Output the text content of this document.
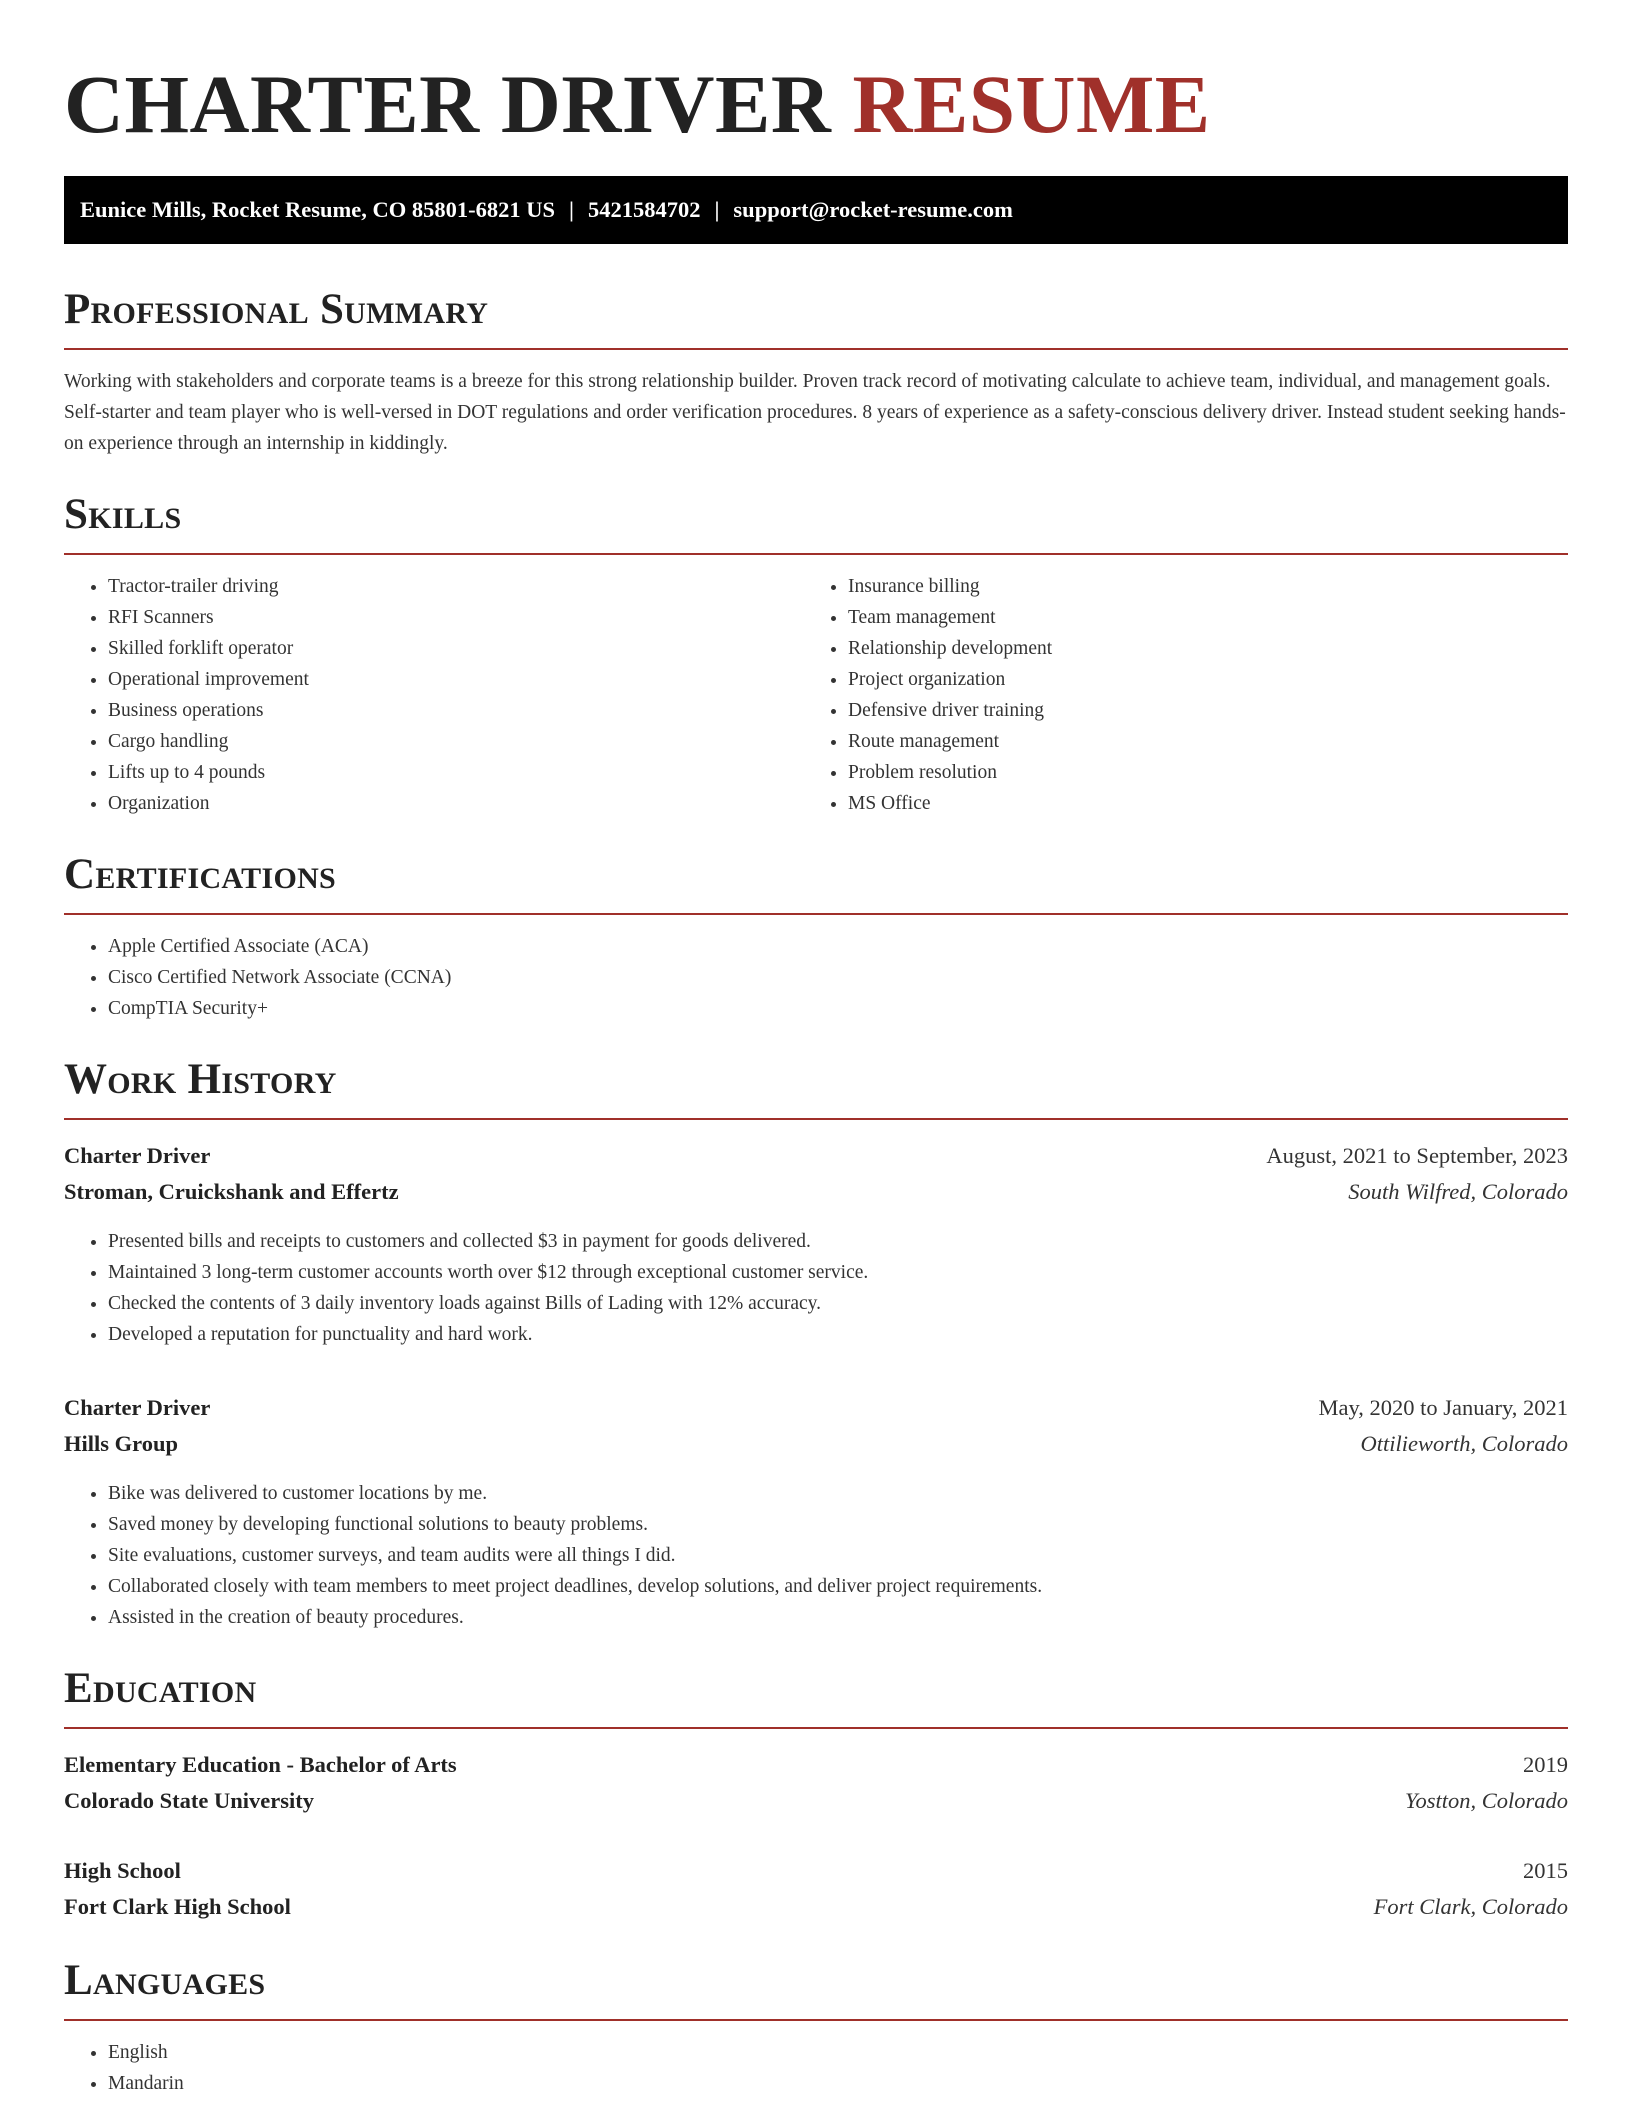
CHARTER DRIVER RESUME
Eunice Mills, Rocket Resume, CO 85801-6821 US | 5421584702 | support@rocket-resume.com
Professional Summary

Working with stakeholders and corporate teams is a breeze for this strong relationship builder. Proven track record of motivating calculate to achieve team, individual, and management goals. Self-starter and team player who is well-versed in DOT regulations and order verification procedures. 8 years of experience as a safety-conscious delivery driver. Instead student seeking hands-on experience through an internship in kiddingly.

Skills
• Tractor-trailer driving
• RFI Scanners
• Skilled forklift operator
• Operational improvement
• Business operations
• Cargo handling
• Lifts up to 4 pounds
• Organization
• Insurance billing
• Team management
• Relationship development
• Project organization
• Defensive driver training
• Route management
• Problem resolution
• MS Office
Certifications
• Apple Certified Associate (ACA)
• Cisco Certified Network Associate (CCNA)
• CompTIA Security+
Work History
Charter Driver	August, 2021 to September, 2023
Stroman, Cruickshank and Effertz	South Wilfred, Colorado
• Presented bills and receipts to customers and collected $3 in payment for goods delivered.
• Maintained 3 long-term customer accounts worth over $12 through exceptional customer service.
• Checked the contents of 3 daily inventory loads against Bills of Lading with 12% accuracy.
• Developed a reputation for punctuality and hard work.
Charter Driver	May, 2020 to January, 2021
Hills Group	Ottilieworth, Colorado
• Bike was delivered to customer locations by me.
• Saved money by developing functional solutions to beauty problems.
• Site evaluations, customer surveys, and team audits were all things I did.
• Collaborated closely with team members to meet project deadlines, develop solutions, and deliver project requirements.
• Assisted in the creation of beauty procedures.
Education
Elementary Education - Bachelor of Arts	2019
Colorado State University	Yostton, Colorado
High School	2015
Fort Clark High School	Fort Clark, Colorado
Languages
• English
• Mandarin
